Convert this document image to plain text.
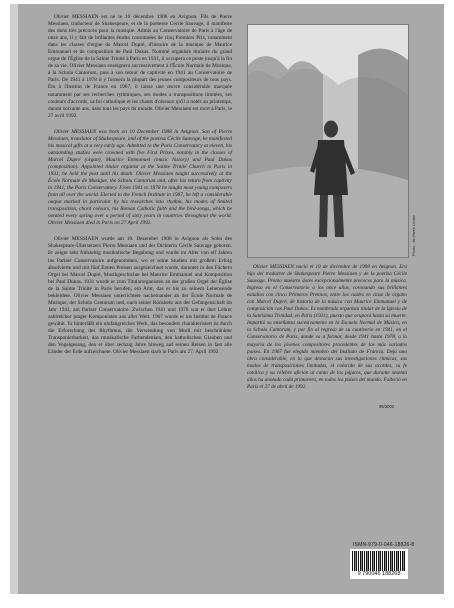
Olivier MESSIAEN est né le 10 décembre 1908 en Avignon. Fils de Pierre Messiaen, traducteur de Shakespeare, et de la poétesse Cécile Sauvage, il manifeste des dons très précoces pour la musique. Admis au Conservatoire de Paris à l'âge de onze ans, il y fait de brillantes études couronnées de cinq Premiers Prix, notamment dans les classes d'orgue de Marcel Dupré, d'histoire de la musique de Maurice Emmanuel et de composition de Paul Dukas. Nommé organiste titulaire du grand orgue de l'Église de la Sainte Trinité à Paris en 1931, il occupera ce poste jusqu'à la fin de sa vie. Olivier Messiaen enseignera successivement à l'École Normale de Musique, à la Schola Cantorum, puis à son retour de captivité en 1941 au Conservatoire de Paris. De 1941 à 1978 il y formera la plupart des jeunes compositeurs de tous pays. Élu à l'Institut de France en 1967, il laisse une œuvre considérable marquée notamment par ses recherches rythmiques, ses modes à transpositions limitées, ses couleurs d'accords, sa foi catholique et les chants d'oiseaux qu'il a notés au printemps, durant soixante ans, dans tous les pays du monde. Olivier Messiaen est mort à Paris, le 27 avril 1992.

Olivier MESSIAEN was born on 10 December 1908 in Avignon. Son of Pierre Messiaen, translator of Shakespeare, and of the poetess Cécile Sauvage, he manifested his musical gifts at a very early age. Admitted to the Paris Conservatory at eleven, his outstanding studies were crowned with five First Prizes, notably in the classes of Marcel Dupré (organ), Maurice Emmanuel (music history) and Paul Dukas (composition). Appointed titular organist at the Sainte Trinité Church in Paris in 1931, he held the post until his death. Olivier Messiaen taught successively at the École Normale de Musique, the Schola Cantorum and, after his return from captivity in 1941, the Paris Conservatory. From 1941 to 1978 he taught most young composers from all over the world. Elected to the French Institute in 1967, he left a considerable output marked in particular by his researches into rhythm, his modes of limited transposition, chord colours, his Roman Catholic faith and the bird-songs, which he notated every spring over a period of sixty years in countries throughout the world. Olivier Messiaen died in Paris on 27 April 1992.

Olivier MESSIAEN wurde am 10. Dezember 1908 in Avignon als Sohn des Shakespeare-Übersetzers Pierre Messiaen und der Dichterin Cécile Sauvage geboren. Er zeigte sehr frühzeitig musikalische Begabung und wurde im Alter von elf Jahren ins Pariser Conservatoire aufgenommen, wo er seine Studien mit großem Erfolg absolvierte und mit fünf Ersten Preisen ausgezeichnet wurde, darunter in den Fächern Orgel bei Marcel Dupré, Musikgeschichte bei Maurice Emmanuel und Komposition bei Paul Dukas. 1931 wurde er zum Titularorganisten an der großen Orgel der Église de la Sainte Trinité in Paris berufen, ein Amt, das er bis zu seinem Lebensende bekleidete. Olivier Messiaen unterrichtete nacheinander an der École Normale de Musique, der Schola Cantorum und, nach seiner Rückkehr aus der Gefangenschaft im Jahr 1941, am Pariser Conservatoire. Zwischen 1941 und 1978 war er dort Lehrer zahlreicher junger Komponisten aus aller Welt. 1967 wurde er ins Institut de France gewählt. Er hinterläßt ein umfangreiches Werk, das besonders charakterisiert ist durch die Erforschung des Rhythmus, die Verwendung von Modi mit beschränkter Transponierbarkeit, das musikalische Farbendenken, den katholischen Glauben und den Vogelgesang, den er über sechzig Jahre hinweg auf seinen Reisen in fast alle Länder der Erde aufzeichnete. Olivier Messiaen starb in Paris am 27. April 1992.

Photo : Archives Leduc

Olivier MESSIAEN nació el 10 de diciembre de 1908 en Avignon. Era hijo del traductor de Shakespeare Pierre Messiaen y de la poetisa Cécile Sauvage. Pronto muestra dotes excepcionalmente precoces para la música. Ingresa en el Conservatorio a los once años, coronando sus brillantes estudios con cinco Primeros Premios, entre los cuales en clase de órgano con Marcel Dupré, de historia de la música con Maurice Emmanuel y de composición con Paul Dukas. Es nombrado organista titular de la Iglesia de la Santísima Trinidad, en París (1931), puesto que ocupará hasta su muerte. Impartió su enseñanza sucesivamente en la Escuela Normal de Música, en la Schola Cantorum, y por fin al regreso de su cautiverio en 1941, en el Conservatorio de París, donde va a formar, desde 1941 hasta 1978, a la mayoría de los jóvenes compositores procedentes de los más variados países. En 1967 fue elegido miembro del Instituto de Francia. Deja una obra considerable, en la que destacan sus investigaciones rítmicas, sus modos de transposiciones limitadas, el colorido de sus acordes, su fe católica y su célebre afición al canto de los pájaros, que durante sesenta años ha anotado cada primavera, en todos los países del mundo. Falleció en París el 27 de abril de 1992.

95/2002
ISMN-979-0-046-18826-8
9 790046 188268
